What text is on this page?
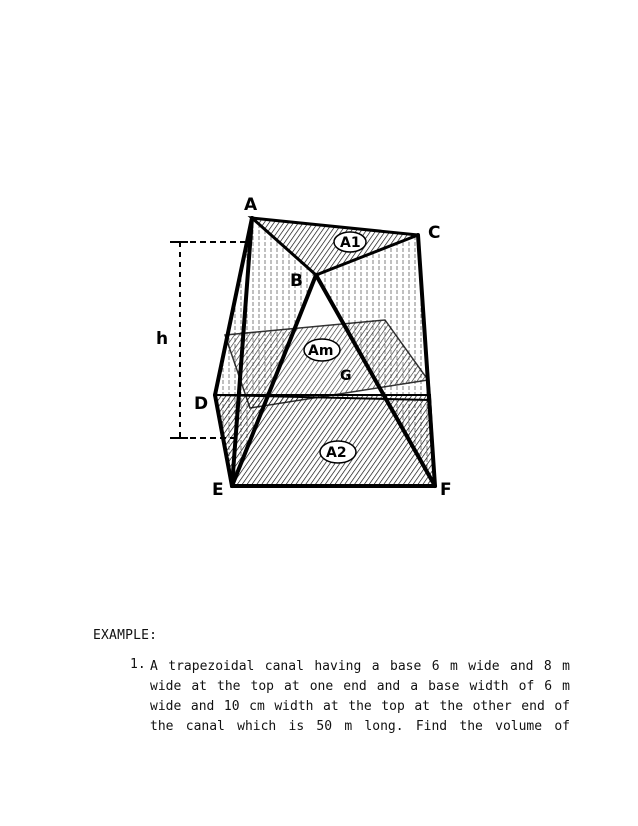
A
B
C
D
E	F
G
h
A1
Am
A2
EXAMPLE:
1. A trapezoidal canal having a base 6 m wide and 8 m wide at the top at one end and a base width of 6 m wide and 10 cm width at the top at the other end of the canal which is 50 m long. Find the volume of
